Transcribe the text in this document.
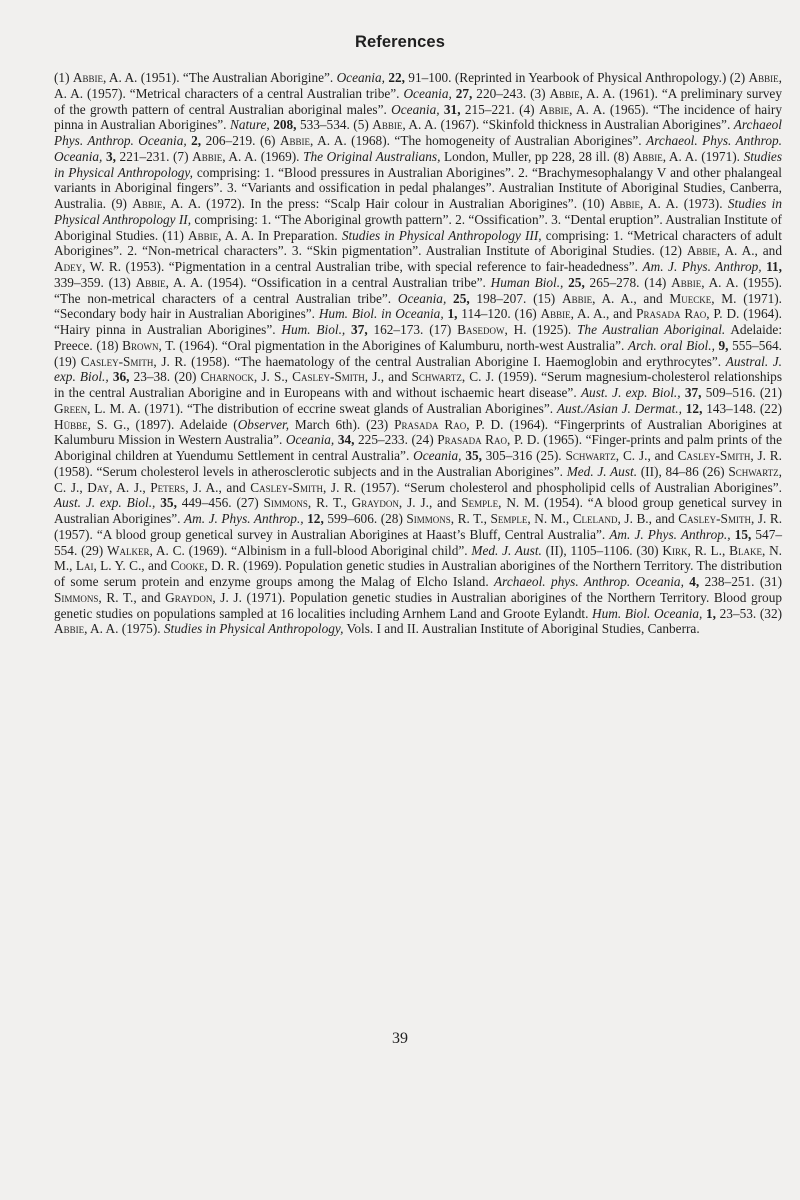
References

(1) Abbie, A. A. (1951). “The Australian Aborigine”. Oceania, 22, 91–100. (Reprinted in Yearbook of Physical Anthropology.) (2) Abbie, A. A. (1957). “Metrical characters of a central Australian tribe”. Oceania, 27, 220–243. (3) Abbie, A. A. (1961). “A preliminary survey of the growth pattern of central Australian aboriginal males”. Oceania, 31, 215–221. (4) Abbie, A. A. (1965). “The incidence of hairy pinna in Australian Aborigines”. Nature, 208, 533–534. (5) Abbie, A. A. (1967). “Skinfold thickness in Australian Aborigines”. Archaeol Phys. Anthrop. Oceania, 2, 206–219. (6) Abbie, A. A. (1968). “The homogeneity of Australian Aborigines”. Archaeol. Phys. Anthrop. Oceania, 3, 221–231. (7) Abbie, A. A. (1969). The Original Australians, London, Muller, pp 228, 28 ill. (8) Abbie, A. A. (1971). Studies in Physical Anthropology, comprising: 1. “Blood pressures in Australian Aborigines”. 2. “Brachymesophalangy V and other phalangeal variants in Aboriginal fingers”. 3. “Variants and ossification in pedal phalanges”. Australian Institute of Aboriginal Studies, Canberra, Australia. (9) Abbie, A. A. (1972). In the press: “Scalp Hair colour in Australian Aborigines”. (10) Abbie, A. A. (1973). Studies in Physical Anthropology II, comprising: 1. “The Aboriginal growth pattern”. 2. “Ossification”. 3. “Dental eruption”. Australian Institute of Aboriginal Studies. (11) Abbie, A. A. In Preparation. Studies in Physical Anthropology III, comprising: 1. “Metrical characters of adult Aborigines”. 2. “Non-metrical characters”. 3. “Skin pigmentation”. Australian Institute of Aboriginal Studies. (12) Abbie, A. A., and Adey, W. R. (1953). “Pigmentation in a central Australian tribe, with special reference to fair-headedness”. Am. J. Phys. Anthrop, 11, 339–359. (13) Abbie, A. A. (1954). “Ossification in a central Australian tribe”. Human Biol., 25, 265–278. (14) Abbie, A. A. (1955). “The non-metrical characters of a central Australian tribe”. Oceania, 25, 198–207. (15) Abbie, A. A., and Muecke, M. (1971). “Secondary body hair in Australian Aborigines”. Hum. Biol. in Oceania, 1, 114–120. (16) Abbie, A. A., and Prasada Rao, P. D. (1964). “Hairy pinna in Australian Aborigines”. Hum. Biol., 37, 162–173. (17) Basedow, H. (1925). The Australian Aboriginal. Adelaide: Preece. (18) Brown, T. (1964). “Oral pigmentation in the Aborigines of Kalumburu, north-west Australia”. Arch. oral Biol., 9, 555–564. (19) Casley-Smith, J. R. (1958). “The haematology of the central Australian Aborigine I. Haemoglobin and erythrocytes”. Austral. J. exp. Biol., 36, 23–38. (20) Charnock, J. S., Casley-Smith, J., and Schwartz, C. J. (1959). “Serum magnesium-cholesterol relationships in the central Australian Aborigine and in Europeans with and without ischaemic heart disease”. Aust. J. exp. Biol., 37, 509–516. (21) Green, L. M. A. (1971). “The distribution of eccrine sweat glands of Australian Aborigines”. Aust./Asian J. Dermat., 12, 143–148. (22) Hübbe, S. G., (1897). Adelaide (Observer, March 6th). (23) Prasada Rao, P. D. (1964). “Fingerprints of Australian Aborigines at Kalumburu Mission in Western Australia”. Oceania, 34, 225–233. (24) Prasada Rao, P. D. (1965). “Finger-prints and palm prints of the Aboriginal children at Yuendumu Settlement in central Australia”. Oceania, 35, 305–316 (25). Schwartz, C. J., and Casley-Smith, J. R. (1958). “Serum cholesterol levels in atherosclerotic subjects and in the Australian Aborigines”. Med. J. Aust. (II), 84–86 (26) Schwartz, C. J., Day, A. J., Peters, J. A., and Casley-Smith, J. R. (1957). “Serum cholesterol and phospholipid cells of Australian Aborigines”. Aust. J. exp. Biol., 35, 449–456. (27) Simmons, R. T., Graydon, J. J., and Semple, N. M. (1954). “A blood group genetical survey in Australian Aborigines”. Am. J. Phys. Anthrop., 12, 599–606. (28) Simmons, R. T., Semple, N. M., Cleland, J. B., and Casley-Smith, J. R. (1957). “A blood group genetical survey in Australian Aborigines at Haast’s Bluff, Central Australia”. Am. J. Phys. Anthrop., 15, 547–554. (29) Walker, A. C. (1969). “Albinism in a full-blood Aboriginal child”. Med. J. Aust. (II), 1105–1106. (30) Kirk, R. L., Blake, N. M., Lai, L. Y. C., and Cooke, D. R. (1969). Population genetic studies in Australian aborigines of the Northern Territory. The distribution of some serum protein and enzyme groups among the Malag of Elcho Island. Archaeol. phys. Anthrop. Oceania, 4, 238–251. (31) Simmons, R. T., and Graydon, J. J. (1971). Population genetic studies in Australian aborigines of the Northern Territory. Blood group genetic studies on populations sampled at 16 localities including Arnhem Land and Groote Eylandt. Hum. Biol. Oceania, 1, 23–53. (32) Abbie, A. A. (1975). Studies in Physical Anthropology, Vols. I and II. Australian Institute of Aboriginal Studies, Canberra.

39
